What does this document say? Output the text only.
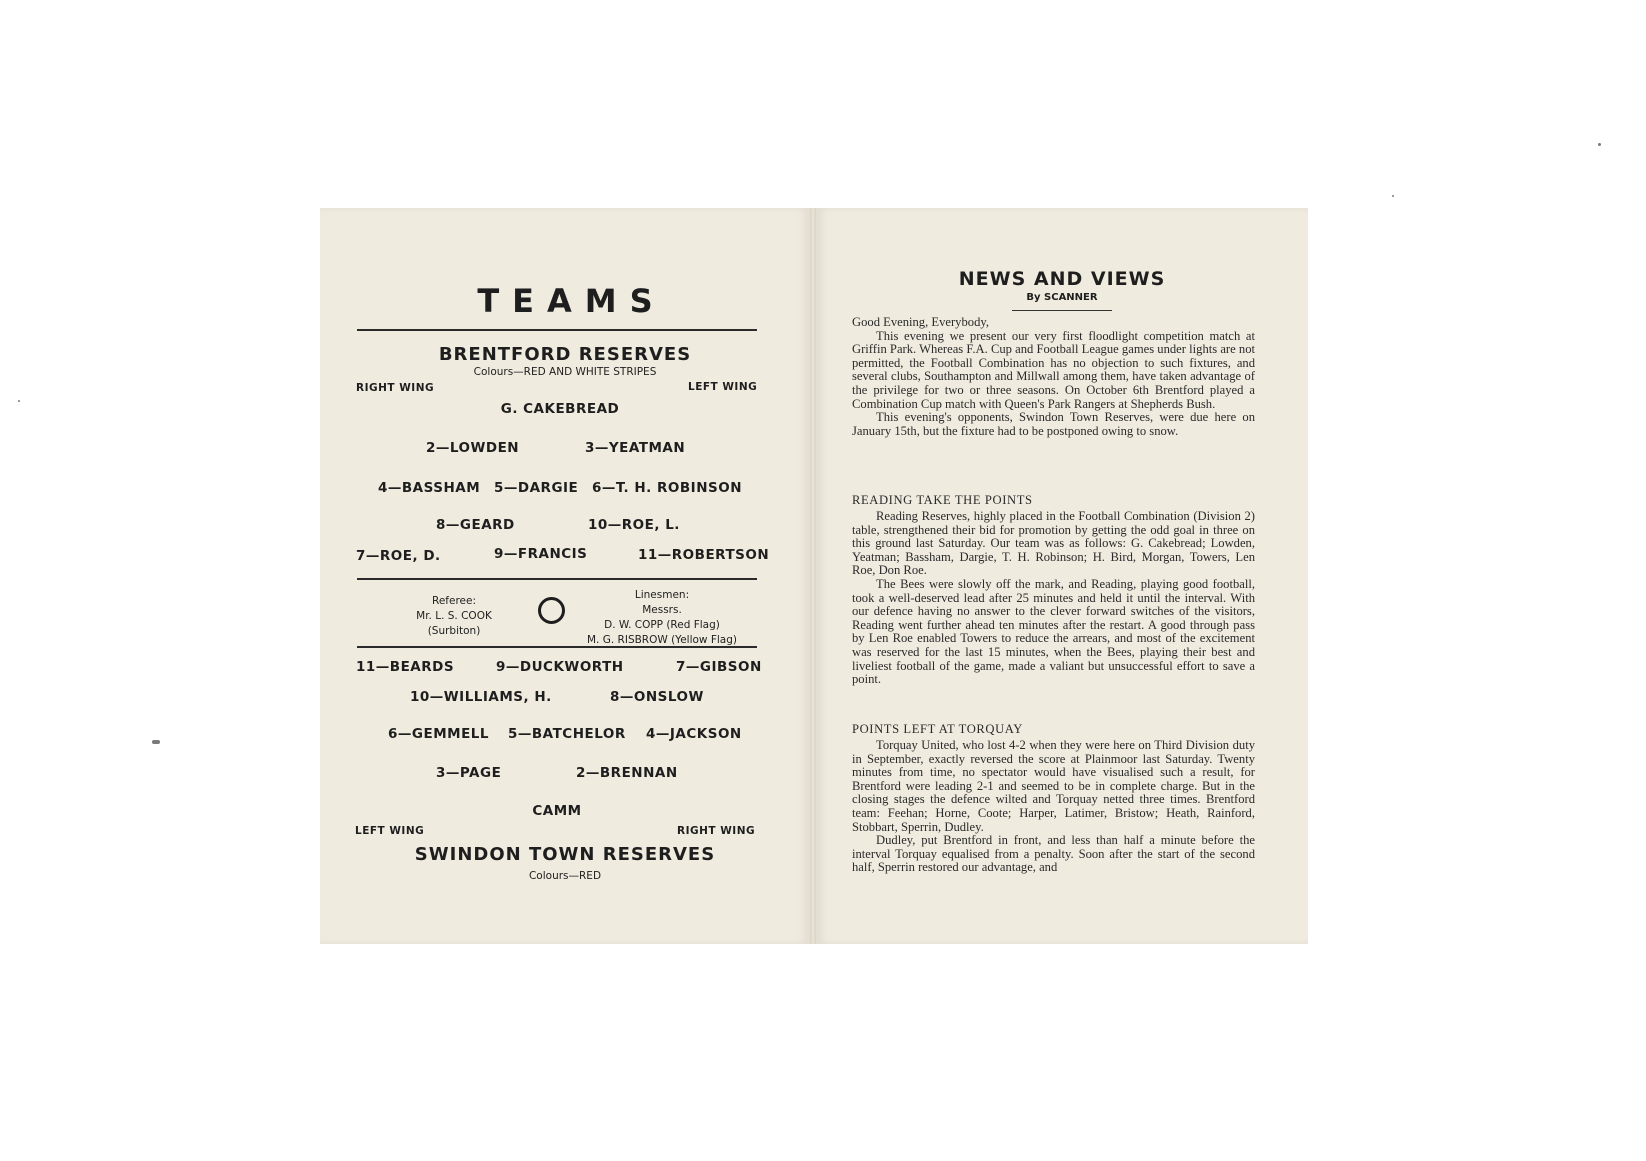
TEAMS
BRENTFORD RESERVES
Colours—RED AND WHITE STRIPES
RIGHT WING	LEFT WING
G. CAKEBREAD
2—LOWDEN	3—YEATMAN
4—BASSHAM 5—DARGIE 6—T. H. ROBINSON
8—GEARD	10—ROE, L.
7—ROE, D.	9—FRANCIS	11—ROBERTSON
Referee:
Mr. L. S. COOK
(Surbiton)
Linesmen:
Messrs.
D. W. COPP (Red Flag)
M. G. RISBROW (Yellow Flag)
11—BEARDS	9—DUCKWORTH	7—GIBSON
10—WILLIAMS, H.	8—ONSLOW
6—GEMMELL 5—BATCHELOR 4—JACKSON
3—PAGE	2—BRENNAN
CAMM
LEFT WING	RIGHT WING
SWINDON TOWN RESERVES
Colours—RED
NEWS AND VIEWS
By SCANNER

Good Evening, Everybody,

This evening we present our very first floodlight competition match at Griffin Park. Whereas F.A. Cup and Football League games under lights are not permitted, the Football Combination has no objection to such fixtures, and several clubs, Southampton and Millwall among them, have taken advantage of the privilege for two or three seasons. On October 6th Brentford played a Combination Cup match with Queen's Park Rangers at Shepherds Bush.

This evening's opponents, Swindon Town Reserves, were due here on January 15th, but the fixture had to be postponed owing to snow.

READING TAKE THE POINTS

Reading Reserves, highly placed in the Football Combination (Division 2) table, strengthened their bid for promotion by getting the odd goal in three on this ground last Saturday. Our team was as follows: G. Cakebread; Lowden, Yeatman; Bassham, Dargie, T. H. Robinson; H. Bird, Morgan, Towers, Len Roe, Don Roe.

The Bees were slowly off the mark, and Reading, playing good football, took a well-deserved lead after 25 minutes and held it until the interval. With our defence having no answer to the clever forward switches of the visitors, Reading went further ahead ten minutes after the restart. A good through pass by Len Roe enabled Towers to reduce the arrears, and most of the excitement was reserved for the last 15 minutes, when the Bees, playing their best and liveliest football of the game, made a valiant but unsuccessful effort to save a point.

POINTS LEFT AT TORQUAY

Torquay United, who lost 4-2 when they were here on Third Division duty in September, exactly reversed the score at Plainmoor last Saturday. Twenty minutes from time, no spectator would have visualised such a result, for Brentford were leading 2-1 and seemed to be in complete charge. But in the closing stages the defence wilted and Torquay netted three times. Brentford team: Feehan; Horne, Coote; Harper, Latimer, Bristow; Heath, Rainford, Stobbart, Sperrin, Dudley.

Dudley, put Brentford in front, and less than half a minute before the interval Torquay equalised from a penalty. Soon after the start of the second half, Sperrin restored our advantage, and
